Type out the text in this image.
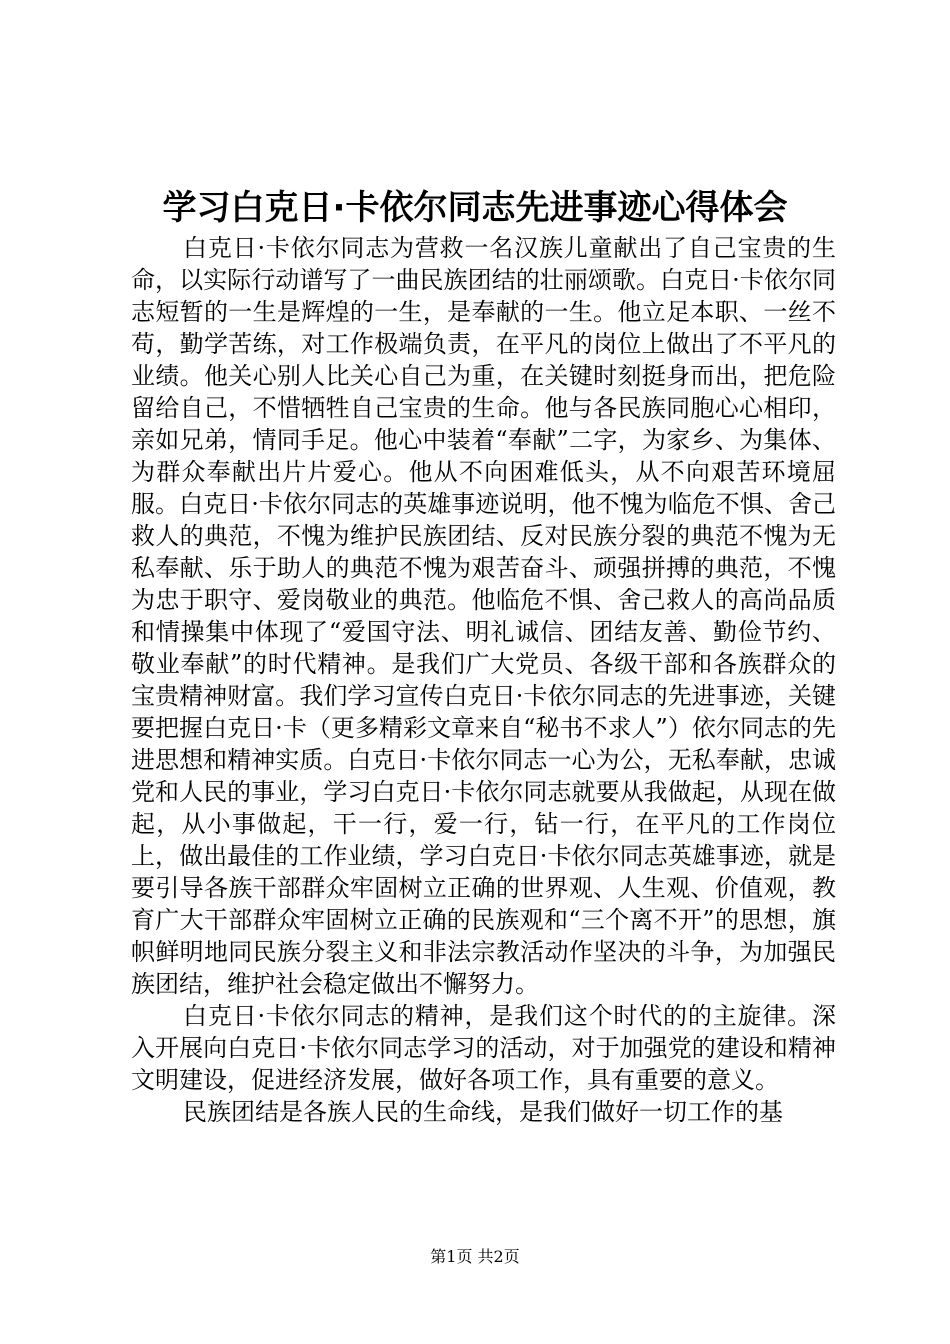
学习白克日·卡依尔同志先进事迹心得体会

白克日·卡依尔同志为营救一名汉族儿童献出了自己宝贵的生命，以实际行动谱写了一曲民族团结的壮丽颂歌。白克日·卡依尔同志短暂的一生是辉煌的一生，是奉献的一生。他立足本职、一丝不苟，勤学苦练，对工作极端负责，在平凡的岗位上做出了不平凡的业绩。他关心别人比关心自己为重，在关键时刻挺身而出，把危险留给自己，不惜牺牲自己宝贵的生命。他与各民族同胞心心相印，亲如兄弟，情同手足。他心中装着“奉献”二字，为家乡、为集体、为群众奉献出片片爱心。他从不向困难低头，从不向艰苦环境屈服。白克日·卡依尔同志的英雄事迹说明，他不愧为临危不惧、舍己救人的典范，不愧为维护民族团结、反对民族分裂的典范不愧为无私奉献、乐于助人的典范不愧为艰苦奋斗、顽强拼搏的典范，不愧为忠于职守、爱岗敬业的典范。他临危不惧、舍己救人的高尚品质和情操集中体现了“爱国守法、明礼诚信、团结友善、勤俭节约、敬业奉献”的时代精神。是我们广大党员、各级干部和各族群众的宝贵精神财富。我们学习宣传白克日·卡依尔同志的先进事迹，关键要把握白克日·卡（更多精彩文章来自“秘书不求人”）依尔同志的先进思想和精神实质。白克日·卡依尔同志一心为公，无私奉献，忠诚党和人民的事业，学习白克日·卡依尔同志就要从我做起，从现在做起，从小事做起，干一行，爱一行，钻一行，在平凡的工作岗位上，做出最佳的工作业绩，学习白克日·卡依尔同志英雄事迹，就是要引导各族干部群众牢固树立正确的世界观、人生观、价值观，教育广大干部群众牢固树立正确的民族观和“三个离不开”的思想，旗帜鲜明地同民族分裂主义和非法宗教活动作坚决的斗争，为加强民族团结，维护社会稳定做出不懈努力。

白克日·卡依尔同志的精神，是我们这个时代的的主旋律。深入开展向白克日·卡依尔同志学习的活动，对于加强党的建设和精神文明建设，促进经济发展，做好各项工作，具有重要的意义。

民族团结是各族人民的生命线，是我们做好一切工作的基

第1页 共2页
